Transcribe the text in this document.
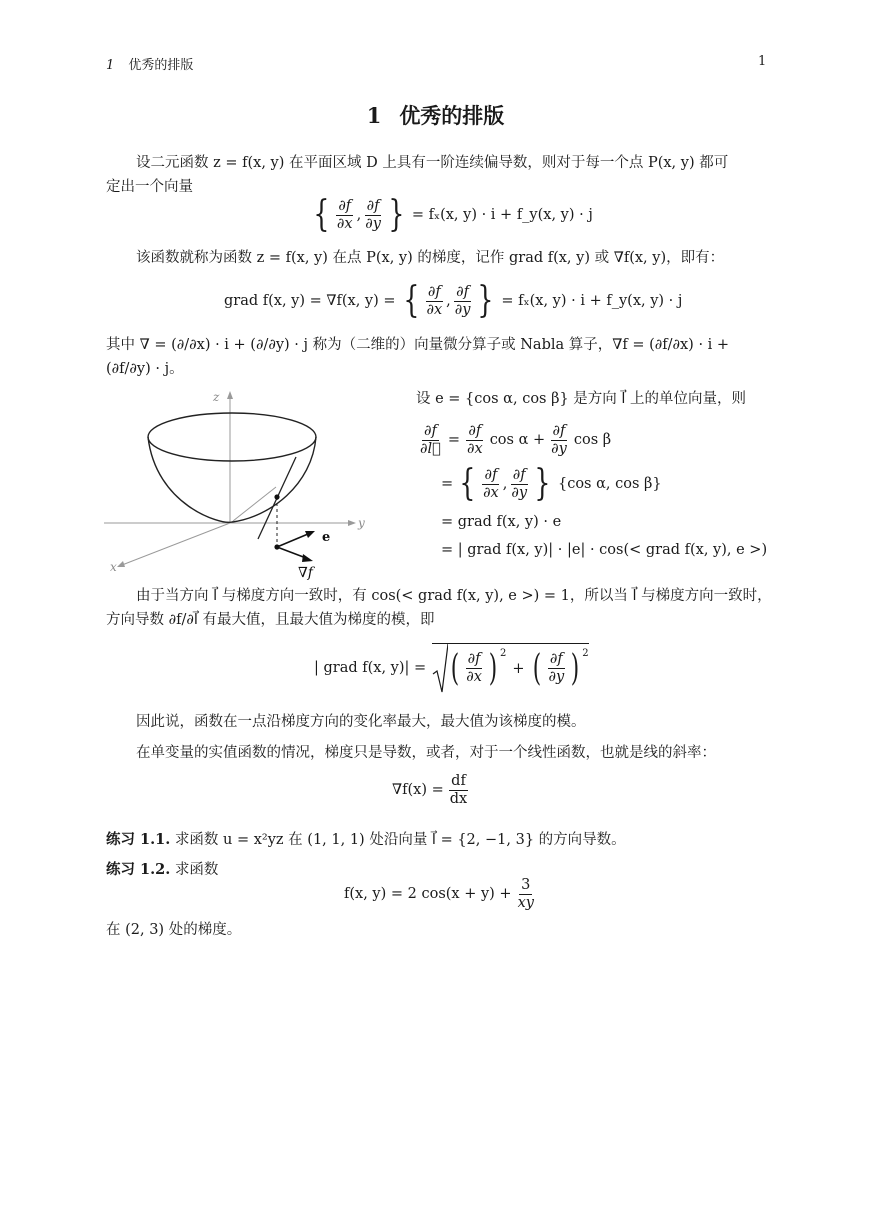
1 优秀的排版	1
1 优秀的排版
设二元函数 z = f(x, y) 在平面区域 D 上具有一阶连续偏导数，则对于每一个点 P(x, y) 都可
定出一个向量
{ $\frac{\partial f}{\partial x}$ , $\frac{\partial f}{\partial y}$ } = fₓ(x, y) · i + f_y(x, y) · j
该函数就称为函数 z = f(x, y) 在点 P(x, y) 的梯度，记作 grad f(x, y) 或 ∇f(x, y)，即有：
grad f(x, y) = ∇f(x, y) = { $\frac{\partial f}{\partial x}$ , $\frac{\partial f}{\partial y}$ } = fₓ(x, y) · i + f_y(x, y) · j
其中 ∇ = (∂/∂x) · i + (∂/∂y) · j 称为（二维的）向量微分算子或 Nabla 算子，∇f = (∂f/∂x) · i +
(∂f/∂y) · j。
z
y
x
e
∇f
设 e = {cos α, cos β} 是方向 l⃗ 上的单位向量，则
$\frac{\partial f}{\partial l⃗} = \frac{\partial f}{\partial x}$ $\cos \alpha + \frac{\partial f}{\partial y}$ cos β
= { $\frac{\partial f}{\partial x}$ , $\frac{\partial f}{\partial y}$ } {cos α, cos β}
= grad f(x, y) · e
= | grad f(x, y)| · |e| · cos(< grad f(x, y), e >)
由于当方向 l⃗ 与梯度方向一致时，有 cos(< grad f(x, y), e >) = 1，所以当 l⃗ 与梯度方向一致时，
方向导数 ∂f/∂l⃗ 有最大值，且最大值为梯度的模，即
| grad f(x, y)| = ( $\frac{\partial f}{\partial x}$ ) $^2$
+ ( $\frac{\partial f}{\partial y}$ ) $^2$
因此说，函数在一点沿梯度方向的变化率最大，最大值为该梯度的模。
在单变量的实值函数的情况，梯度只是导数，或者，对于一个线性函数，也就是线的斜率：
$\nabla f(x) = \frac{df}{dx}$
练习 1.1. 求函数 u = x²yz 在 (1, 1, 1) 处沿向量 l⃗ = {2, −1, 3} 的方向导数。
练习 1.2. 求函数
f(x, y) = 2 $\cos(x + y) + \frac{3}{xy}$
在 (2, 3) 处的梯度。
